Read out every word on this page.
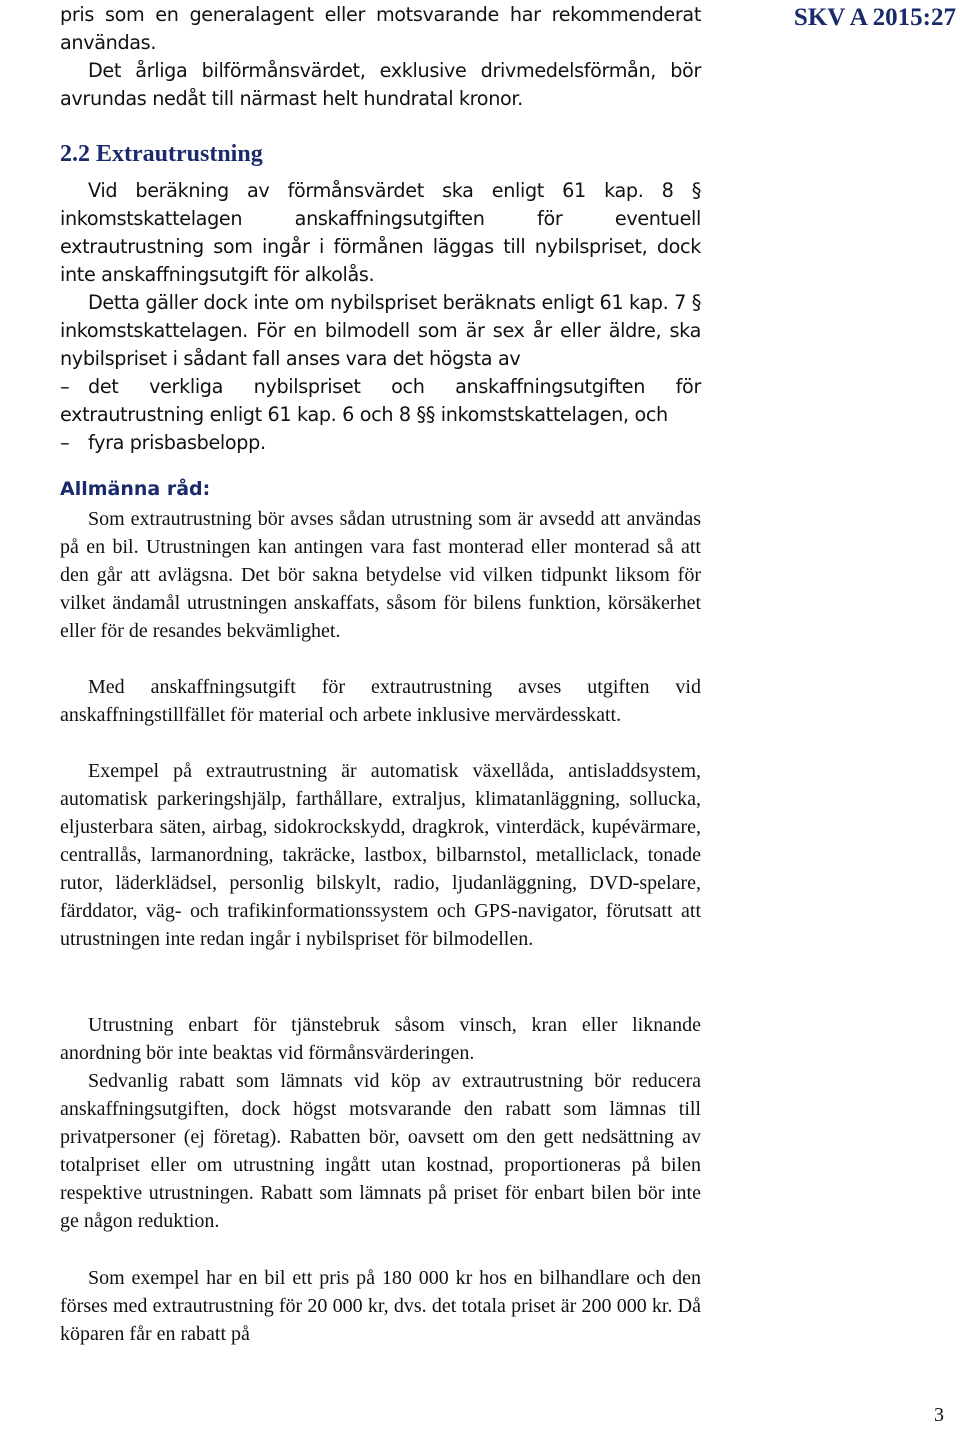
SKV A 2015:27

pris som en generalagent eller motsvarande har rekommenderat användas.

Det årliga bilförmånsvärdet, exklusive drivmedelsförmån, bör avrundas nedåt till närmast helt hundratal kronor.

2.2 Extrautrustning

Vid beräkning av förmånsvärdet ska enligt 61 kap. 8 § inkomstskattelagen anskaffningsutgiften för eventuell extrautrustning som ingår i förmånen läggas till nybilspriset, dock inte anskaffningsutgift för alkolås.

Detta gäller dock inte om nybilspriset beräknats enligt 61 kap. 7 § inkomstskattelagen. För en bilmodell som är sex år eller äldre, ska nybilspriset i sådant fall anses vara det högsta av

– det verkliga nybilspriset och anskaffningsutgiften för extrautrustning enligt 61 kap. 6 och 8 §§ inkomstskattelagen, och
– fyra prisbasbelopp.
Allmänna råd:

Som extrautrustning bör avses sådan utrustning som är avsedd att användas på en bil. Utrustningen kan antingen vara fast monterad eller monterad så att den går att avlägsna. Det bör sakna betydelse vid vilken tidpunkt liksom för vilket ändamål utrustningen anskaffats, såsom för bilens funktion, körsäkerhet eller för de resandes bekvämlighet.

Med anskaffningsutgift för extrautrustning avses utgiften vid anskaffningstillfället för material och arbete inklusive mervärdesskatt.

Exempel på extrautrustning är automatisk växellåda, antisladdsystem, automatisk parkeringshjälp, farthållare, extraljus, klimatanläggning, sollucka, eljusterbara säten, airbag, sidokrockskydd, dragkrok, vinterdäck, kupévärmare, centrallås, larmanordning, takräcke, lastbox, bilbarnstol, metalliclack, tonade rutor, läderklädsel, personlig bilskylt, radio, ljudanläggning, DVD-spelare, färddator, väg- och trafikinformationssystem och GPS-navigator, förutsatt att utrustningen inte redan ingår i nybilspriset för bilmodellen.

Utrustning enbart för tjänstebruk såsom vinsch, kran eller liknande anordning bör inte beaktas vid förmånsvärderingen.

Sedvanlig rabatt som lämnats vid köp av extrautrustning bör reducera anskaffningsutgiften, dock högst motsvarande den rabatt som lämnas till privatpersoner (ej företag). Rabatten bör, oavsett om den gett nedsättning av totalpriset eller om utrustning ingått utan kostnad, proportioneras på bilen respektive utrustningen. Rabatt som lämnats på priset för enbart bilen bör inte ge någon reduktion.

Som exempel har en bil ett pris på 180 000 kr hos en bilhandlare och den förses med extrautrustning för 20 000 kr, dvs. det totala priset är 200 000 kr. Då köparen får en rabatt på

3
